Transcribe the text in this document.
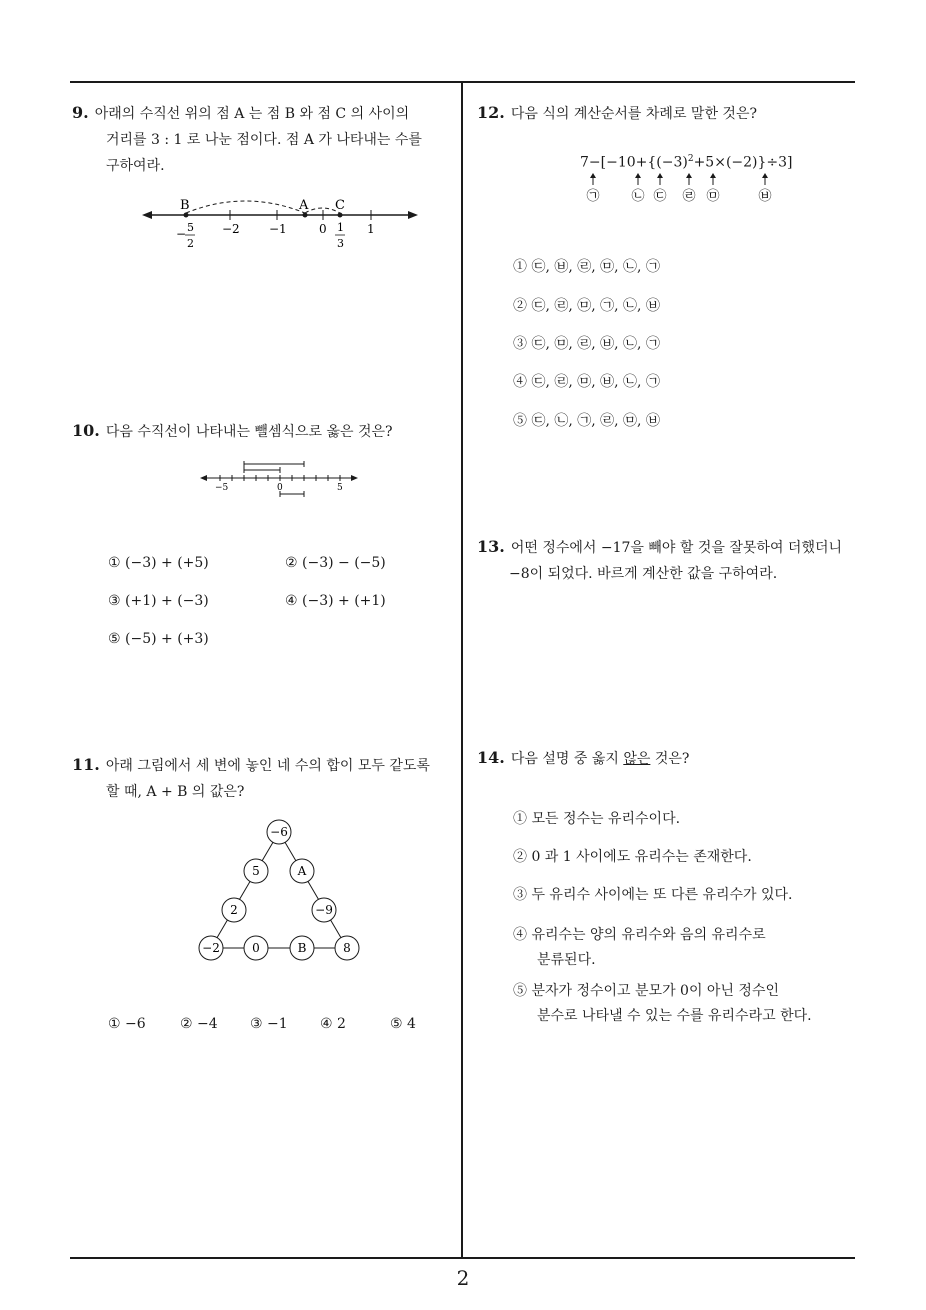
9. 아래의 수직선 위의 점 A 는 점 B 와 점 C 의 사이의
거리를 3 : 1 로 나눈 점이다. 점 A 가 나타내는 수를
구하여라.
B	A C
− 5
2
−2 −1	0 1
3
1
10. 다음 수직선이 나타내는 뺄셈식으로 옳은 것은?
−5	0	5
① (−3) + (+5)	② (−3) − (−5)
③ (+1) + (−3)	④ (−3) + (+1)
⑤ (−5) + (+3)
11. 아래 그림에서 세 변에 놓인 네 수의 합이 모두 같도록
할 때, A + B 의 값은?
−6
5	A
2	−9
−2	0	B	8
① −6 ② −4 ③ −1 ④ 2	⑤ 4
12. 다음 식의 계산순서를 차례로 말한 것은?
$7-[-10+\{(-3)^2+5\times(-2)\}\div 3]$
㉠ ㉡ ㉢ ㉣ ㉤	㉥
① ㉢, ㉥, ㉣, ㉤, ㉡, ㉠
② ㉢, ㉣, ㉤, ㉠, ㉡, ㉥
③ ㉢, ㉤, ㉣, ㉥, ㉡, ㉠
④ ㉢, ㉣, ㉤, ㉥, ㉡, ㉠
⑤ ㉢, ㉡, ㉠, ㉣, ㉤, ㉥
13. 어떤 정수에서 −17을 빼야 할 것을 잘못하여 더했더니
−8이 되었다. 바르게 계산한 값을 구하여라.
14. 다음 설명 중 옳지 않은 것은?
① 모든 정수는 유리수이다.
② 0 과 1 사이에도 유리수는 존재한다.
③ 두 유리수 사이에는 또 다른 유리수가 있다.
④ 유리수는 양의 유리수와 음의 유리수로
분류된다.
⑤ 분자가 정수이고 분모가 0이 아닌 정수인
분수로 나타낼 수 있는 수를 유리수라고 한다.
2
